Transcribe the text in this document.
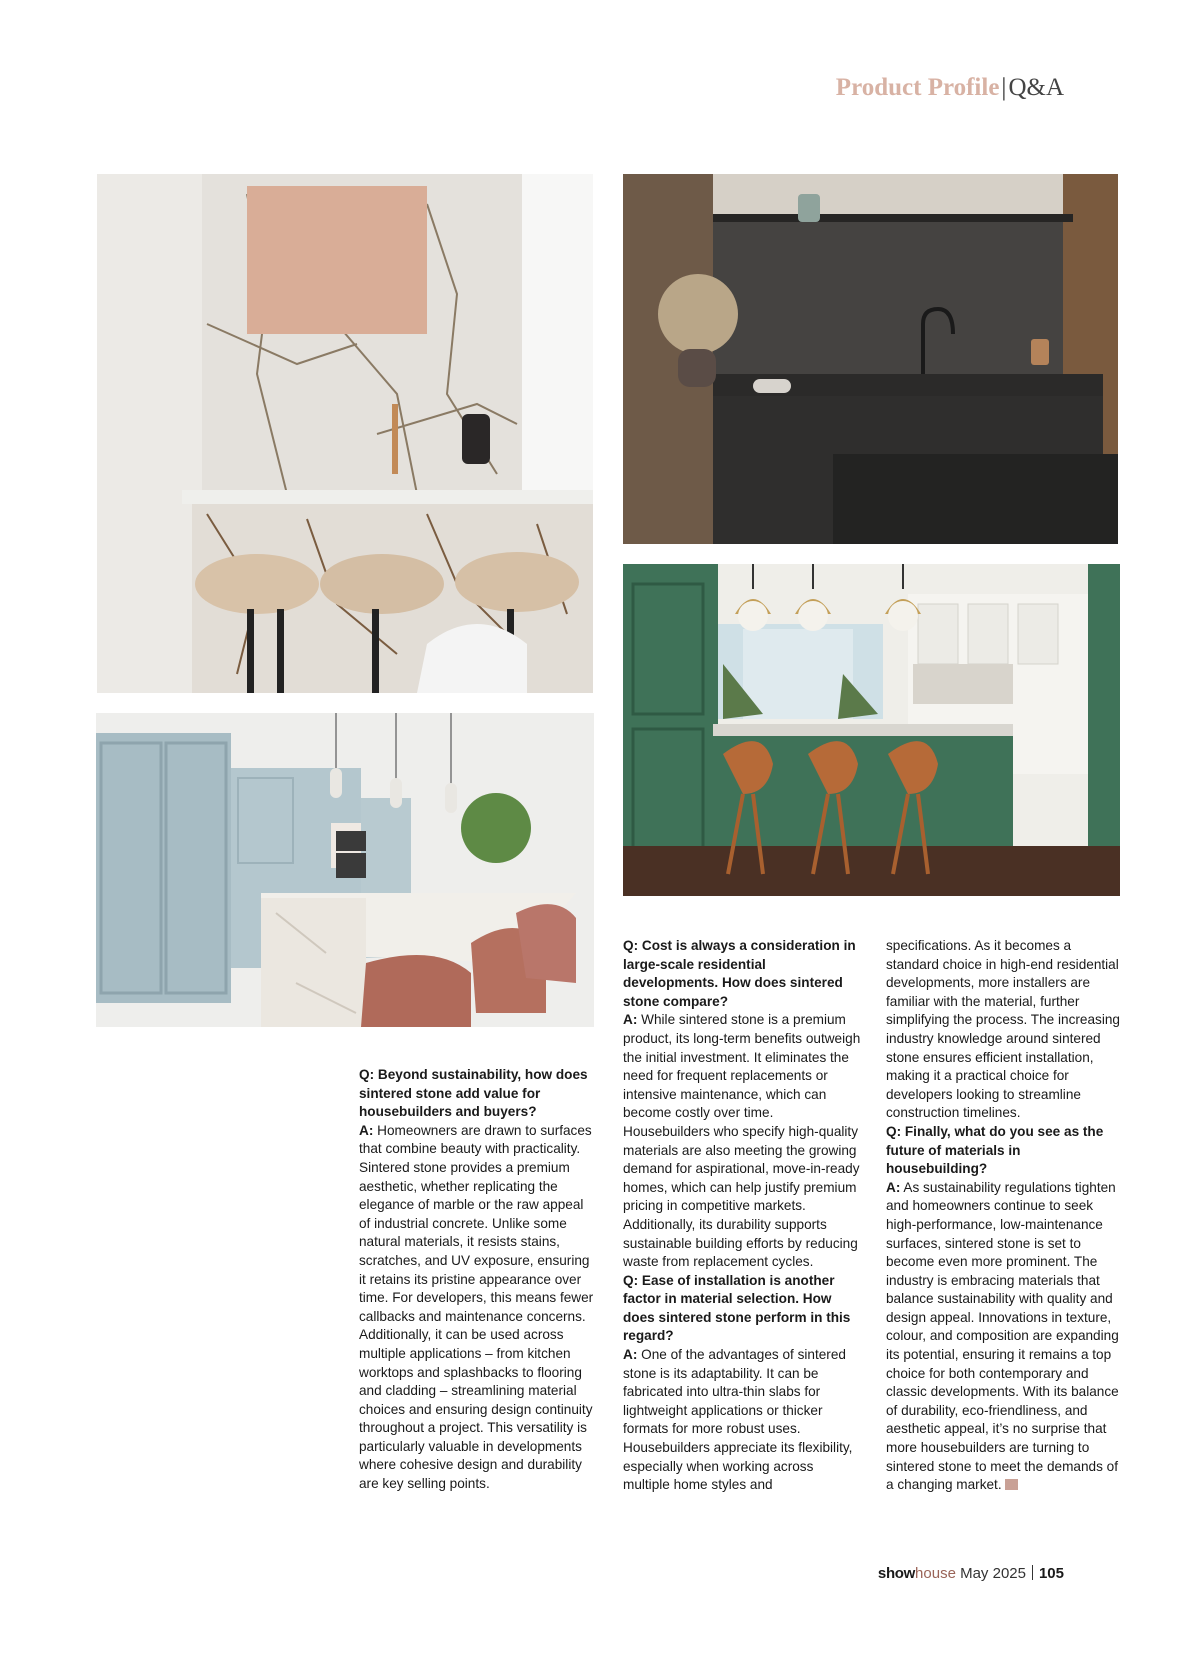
Product Profile|Q&A

Q: Beyond sustainability, how does sintered stone add value for housebuilders and buyers?

A: Homeowners are drawn to surfaces that combine beauty with practicality. Sintered stone provides a premium aesthetic, whether replicating the elegance of marble or the raw appeal of industrial concrete. Unlike some natural materials, it resists stains, scratches, and UV exposure, ensuring it retains its pristine appearance over time. For developers, this means fewer callbacks and maintenance concerns. Additionally, it can be used across multiple applications – from kitchen worktops and splashbacks to flooring and cladding – streamlining material choices and ensuring design continuity throughout a project. This versatility is particularly valuable in developments where cohesive design and durability are key selling points.

Q: Cost is always a consideration in large-scale residential developments. How does sintered stone compare?

A: While sintered stone is a premium product, its long-term benefits outweigh the initial investment. It eliminates the need for frequent replacements or intensive maintenance, which can become costly over time. Housebuilders who specify high-quality materials are also meeting the growing demand for aspirational, move-in-ready homes, which can help justify premium pricing in competitive markets. Additionally, its durability supports sustainable building efforts by reducing waste from replacement cycles.

Q: Ease of installation is another factor in material selection. How does sintered stone perform in this regard?

A: One of the advantages of sintered stone is its adaptability. It can be fabricated into ultra-thin slabs for lightweight applications or thicker formats for more robust uses. Housebuilders appreciate its flexibility, especially when working across multiple home styles and

specifications. As it becomes a standard choice in high-end residential developments, more installers are familiar with the material, further simplifying the process. The increasing industry knowledge around sintered stone ensures efficient installation, making it a practical choice for developers looking to streamline construction timelines.

Q: Finally, what do you see as the future of materials in housebuilding?

A: As sustainability regulations tighten and homeowners continue to seek high-performance, low-maintenance surfaces, sintered stone is set to become even more prominent. The industry is embracing materials that balance sustainability with quality and design appeal. Innovations in texture, colour, and composition are expanding its potential, ensuring it remains a top choice for both contemporary and classic developments. With its balance of durability, eco-friendliness, and aesthetic appeal, it’s no surprise that more housebuilders are turning to sintered stone to meet the demands of a changing market.

showhouse May 2025 105
